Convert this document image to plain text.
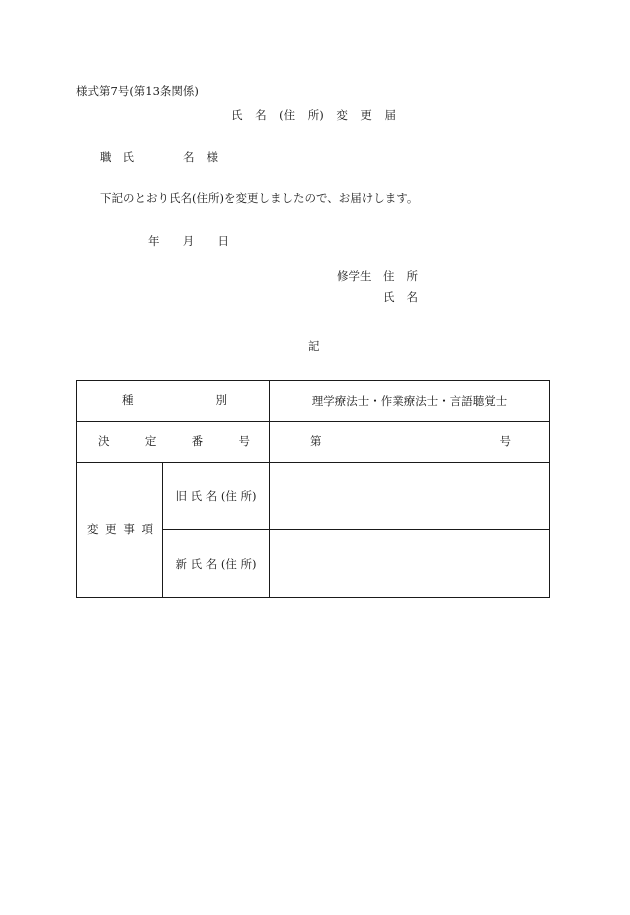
様式第7号(第13条関係)
氏 名 (住 所) 変 更 届
職 氏	名 様
下記のとおり氏名(住所)を変更しましたので、お届けします。
年 月 日
修学生 住 所
氏 名
記
種 別		理学療法士・作業療法士・言語聴覚士

決 定 番 号		第 号

変 更 事 項	旧 氏 名 (住 所)	
	新 氏 名 (住 所)	
